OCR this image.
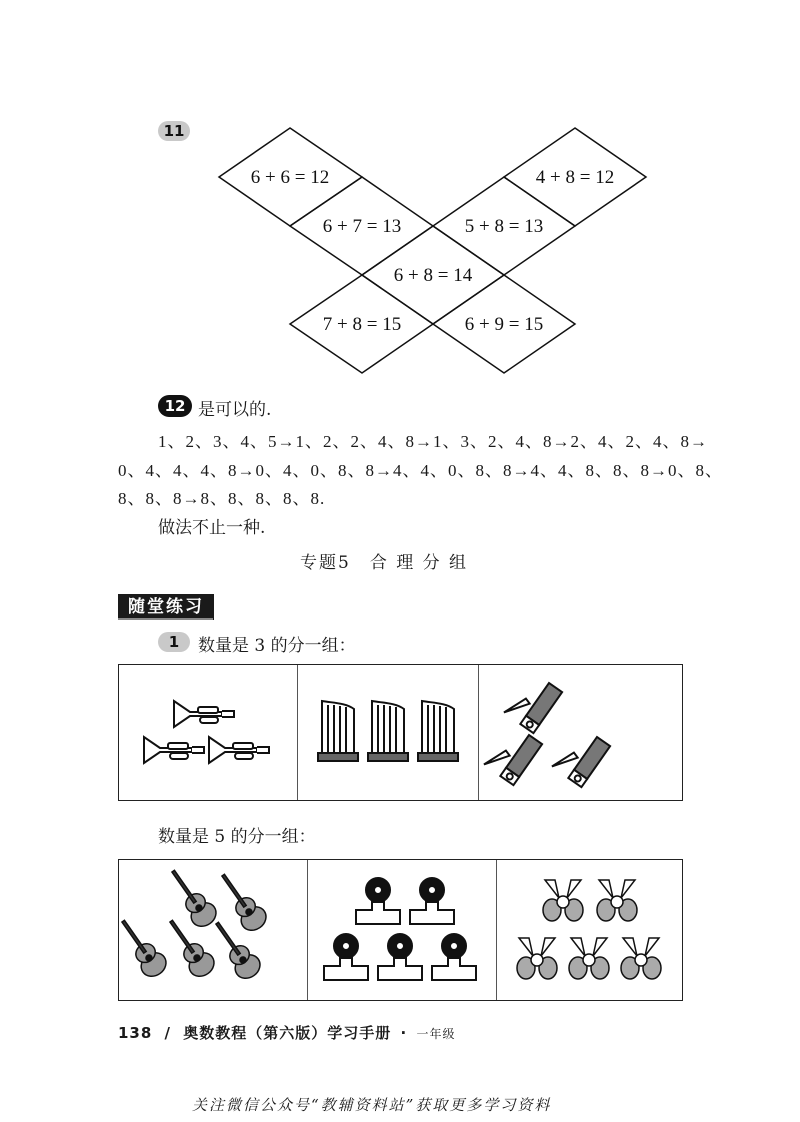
11
6 + 6 = 12
6 + 7 = 13
6 + 8 = 14
7 + 8 = 15	6 + 9 = 15
5 + 8 = 13
4 + 8 = 12
12 是可以的.
1、2、3、4、5→1、2、2、4、8→1、3、2、4、8→2、4、2、4、8→
0、4、4、4、8→0、4、0、8、8→4、4、0、8、8→4、4、8、8、8→0、8、
8、8、8→8、8、8、8、8.
做法不止一种.
专题5　合 理 分 组
随堂练习
1	数量是 3 的分一组：
数量是 5 的分一组：
138 / 奥数教程（第六版）学习手册 · 一年级
关注微信公众号“教辅资料站”获取更多学习资料
